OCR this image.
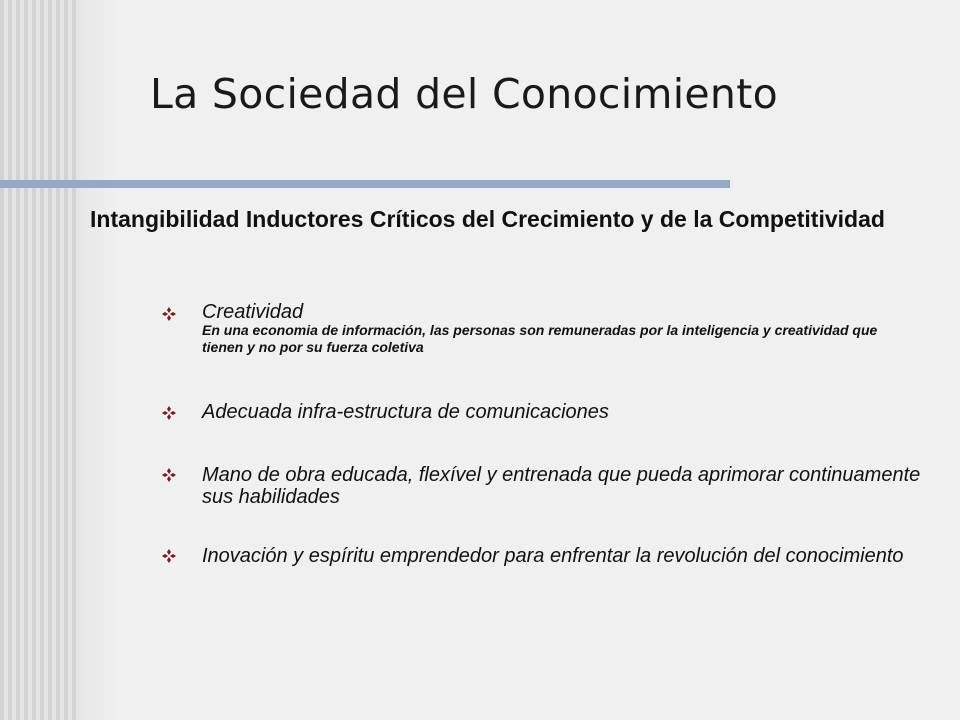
La Sociedad del Conocimiento
Intangibilidad Inductores Críticos del Crecimiento y de la Competitividad
Creatividad
En una economia de información, las personas son remuneradas por la inteligencia y creatividad que tienen y no por su fuerza coletiva
Adecuada infra-estructura de comunicaciones
Mano de obra educada, flexível y entrenada que pueda aprimorar continuamente sus habilidades
Inovación y espíritu emprendedor para enfrentar la revolución del conocimiento
